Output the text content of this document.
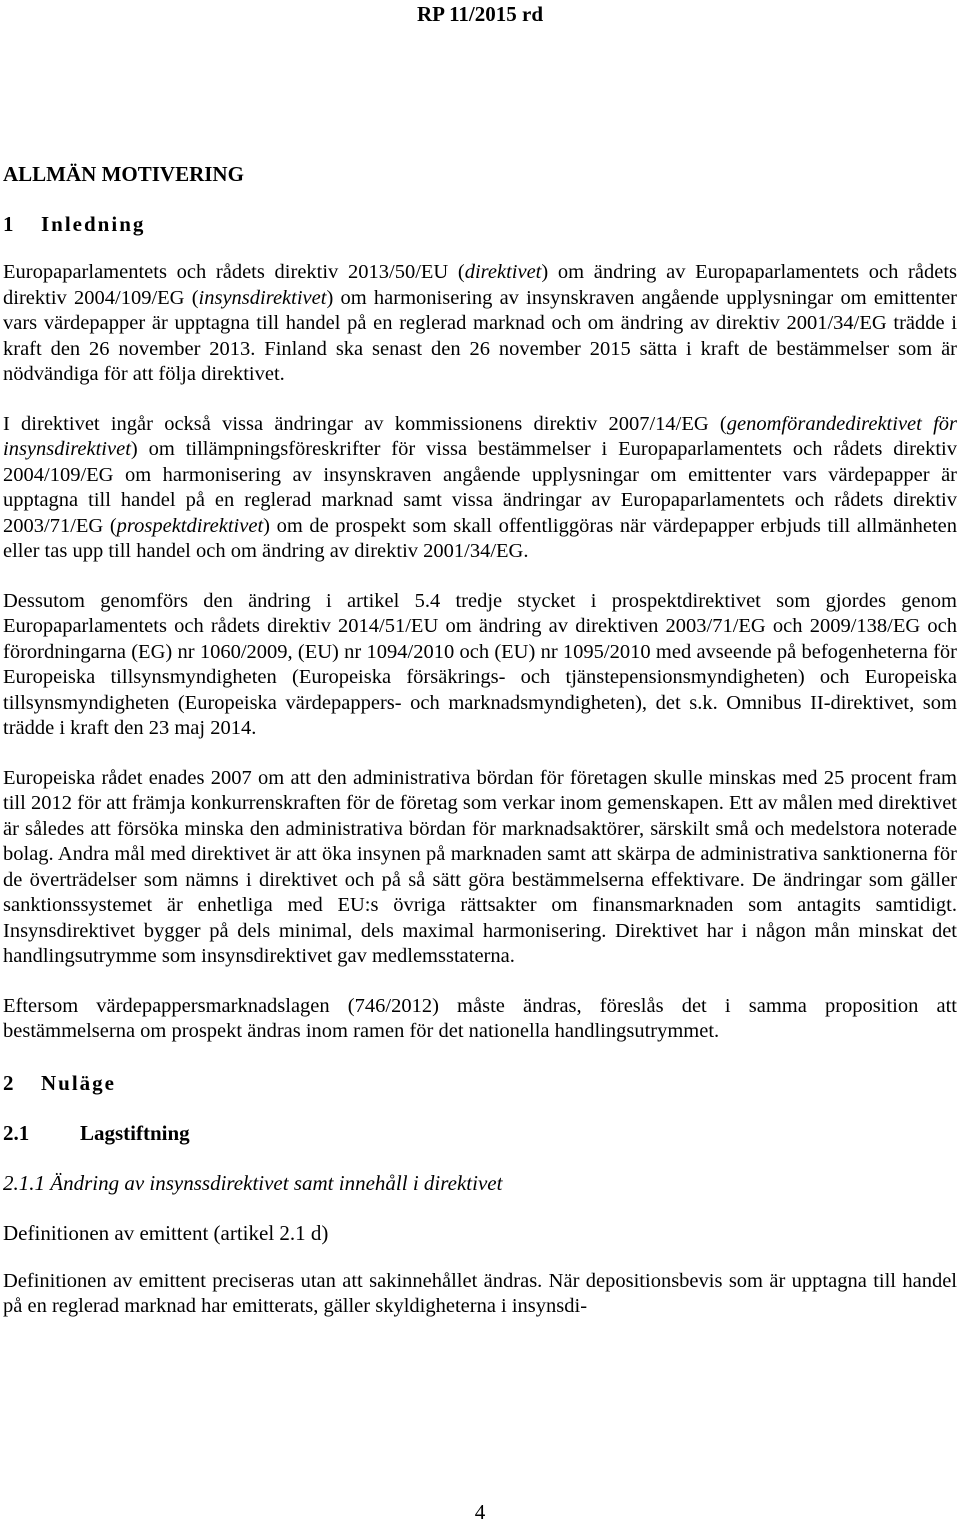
RP 11/2015 rd
ALLMÄN MOTIVERING
1 Inledning

Europaparlamentets och rådets direktiv 2013/50/EU (direktivet) om ändring av Europaparlamentets och rådets direktiv 2004/109/EG (insynsdirektivet) om harmonisering av insynskraven angående upplysningar om emittenter vars värdepapper är upptagna till handel på en reglerad marknad och om ändring av direktiv 2001/34/EG trädde i kraft den 26 november 2013. Finland ska senast den 26 november 2015 sätta i kraft de bestämmelser som är nödvändiga för att följa direktivet.

I direktivet ingår också vissa ändringar av kommissionens direktiv 2007/14/EG (genomförandedirektivet för insynsdirektivet) om tillämpningsföreskrifter för vissa bestämmelser i Europaparlamentets och rådets direktiv 2004/109/EG om harmonisering av insynskraven angående upplysningar om emittenter vars värdepapper är upptagna till handel på en reglerad marknad samt vissa ändringar av Europaparlamentets och rådets direktiv 2003/71/EG (prospektdirektivet) om de prospekt som skall offentliggöras när värdepapper erbjuds till allmänheten eller tas upp till handel och om ändring av direktiv 2001/34/EG.

Dessutom genomförs den ändring i artikel 5.4 tredje stycket i prospektdirektivet som gjordes genom Europaparlamentets och rådets direktiv 2014/51/EU om ändring av direktiven 2003/71/EG och 2009/138/EG och förordningarna (EG) nr 1060/2009, (EU) nr 1094/2010 och (EU) nr 1095/2010 med avseende på befogenheterna för Europeiska tillsynsmyndigheten (Europeiska försäkrings- och tjänstepensionsmyndigheten) och Europeiska tillsynsmyndigheten (Europeiska värdepappers- och marknadsmyndigheten), det s.k. Omnibus II-direktivet, som trädde i kraft den 23 maj 2014.

Europeiska rådet enades 2007 om att den administrativa bördan för företagen skulle minskas med 25 procent fram till 2012 för att främja konkurrenskraften för de företag som verkar inom gemenskapen. Ett av målen med direktivet är således att försöka minska den administrativa bördan för marknadsaktörer, särskilt små och medelstora noterade bolag. Andra mål med direktivet är att öka insynen på marknaden samt att skärpa de administrativa sanktionerna för de överträdelser som nämns i direktivet och på så sätt göra bestämmelserna effektivare. De ändringar som gäller sanktionssystemet är enhetliga med EU:s övriga rättsakter om finansmarknaden som antagits samtidigt. Insynsdirektivet bygger på dels minimal, dels maximal harmonisering. Direktivet har i någon mån minskat det handlingsutrymme som insynsdirektivet gav medlemsstaterna.

Eftersom värdepappersmarknadslagen (746/2012) måste ändras, föreslås det i samma proposition att bestämmelserna om prospekt ändras inom ramen för det nationella handlingsutrymmet.

2 Nuläge
2.1 Lagstiftning
2.1.1 Ändring av insynssdirektivet samt innehåll i direktivet
Definitionen av emittent (artikel 2.1 d)

Definitionen av emittent preciseras utan att sakinnehållet ändras. När depositionsbevis som är upptagna till handel på en reglerad marknad har emitterats, gäller skyldigheterna i insynsdi-

4
